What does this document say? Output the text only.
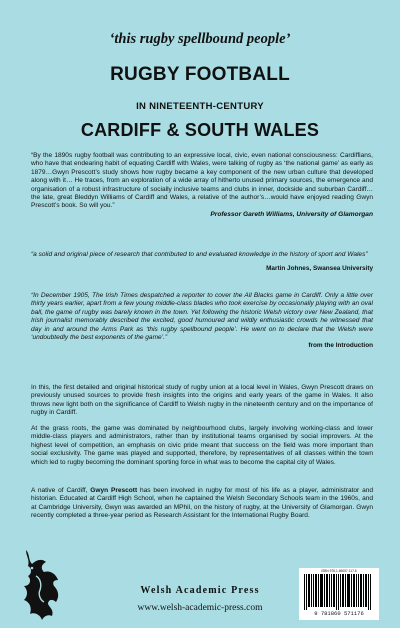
‘this rugby spellbound people’
RUGBY FOOTBALL
IN NINETEENTH-CENTURY
CARDIFF & SOUTH WALES
“By the 1890s rugby football was contributing to an expressive local, civic, even national consciousness: Cardiffians, who have that endearing habit of equating Cardiff with Wales, were talking of rugby as ‘the national game’ as early as 1879…Gwyn Prescott’s study shows how rugby became a key component of the new urban culture that developed along with it… He traces, from an exploration of a wide array of hitherto unused primary sources, the emergence and organisation of a robust infrastructure of socially inclusive teams and clubs in inner, dockside and suburban Cardiff… the late, great Bleddyn Williams of Cardiff and Wales, a relative of the author’s…would have enjoyed reading Gwyn Prescott’s book. So will you.”
Professor Gareth Williams, University of Glamorgan
“a solid and original piece of research that contributed to and evaluated knowledge in the history of sport and Wales”
Martin Johnes, Swansea University
“In December 1905, The Irish Times despatched a reporter to cover the All Blacks game in Cardiff. Only a little over thirty years earlier, apart from a few young middle-class blades who took exercise by occasionally playing with an oval ball, the game of rugby was barely known in the town. Yet following the historic Welsh victory over New Zealand, that Irish journalist memorably described the excited, good humoured and wildly enthusiastic crowds he witnessed that day in and around the Arms Park as ‘this rugby spellbound people’. He went on to declare that the Welsh were ‘undoubtedly the best exponents of the game’.”
from the Introduction
In this, the first detailed and original historical study of rugby union at a local level in Wales, Gwyn Prescott draws on previously unused sources to provide fresh insights into the origins and early years of the game in Wales. It also throws new light both on the significance of Cardiff to Welsh rugby in the nineteenth century and on the importance of rugby in Cardiff.
At the grass roots, the game was dominated by neighbourhood clubs, largely involving working-class and lower middle-class players and administrators, rather than by institutional teams organised by social improvers. At the highest level of competition, an emphasis on civic pride meant that success on the field was more important than social exclusivity. The game was played and supported, therefore, by representatives of all classes within the town which led to rugby becoming the dominant sporting force in what was to become the capital city of Wales.
A native of Cardiff, Gwyn Prescott has been involved in rugby for most of his life as a player, administrator and historian. Educated at Cardiff High School, when he captained the Welsh Secondary Schools team in the 1960s, and at Cambridge University, Gwyn was awarded an MPhil, on the history of rugby, at the University of Glamorgan. Gwyn recently completed a three-year period as Research Assistant for the International Rugby Board.
Welsh Academic Press
www.welsh-academic-press.com
ISBN 978-1-86057-117-6
9 781860 571176
